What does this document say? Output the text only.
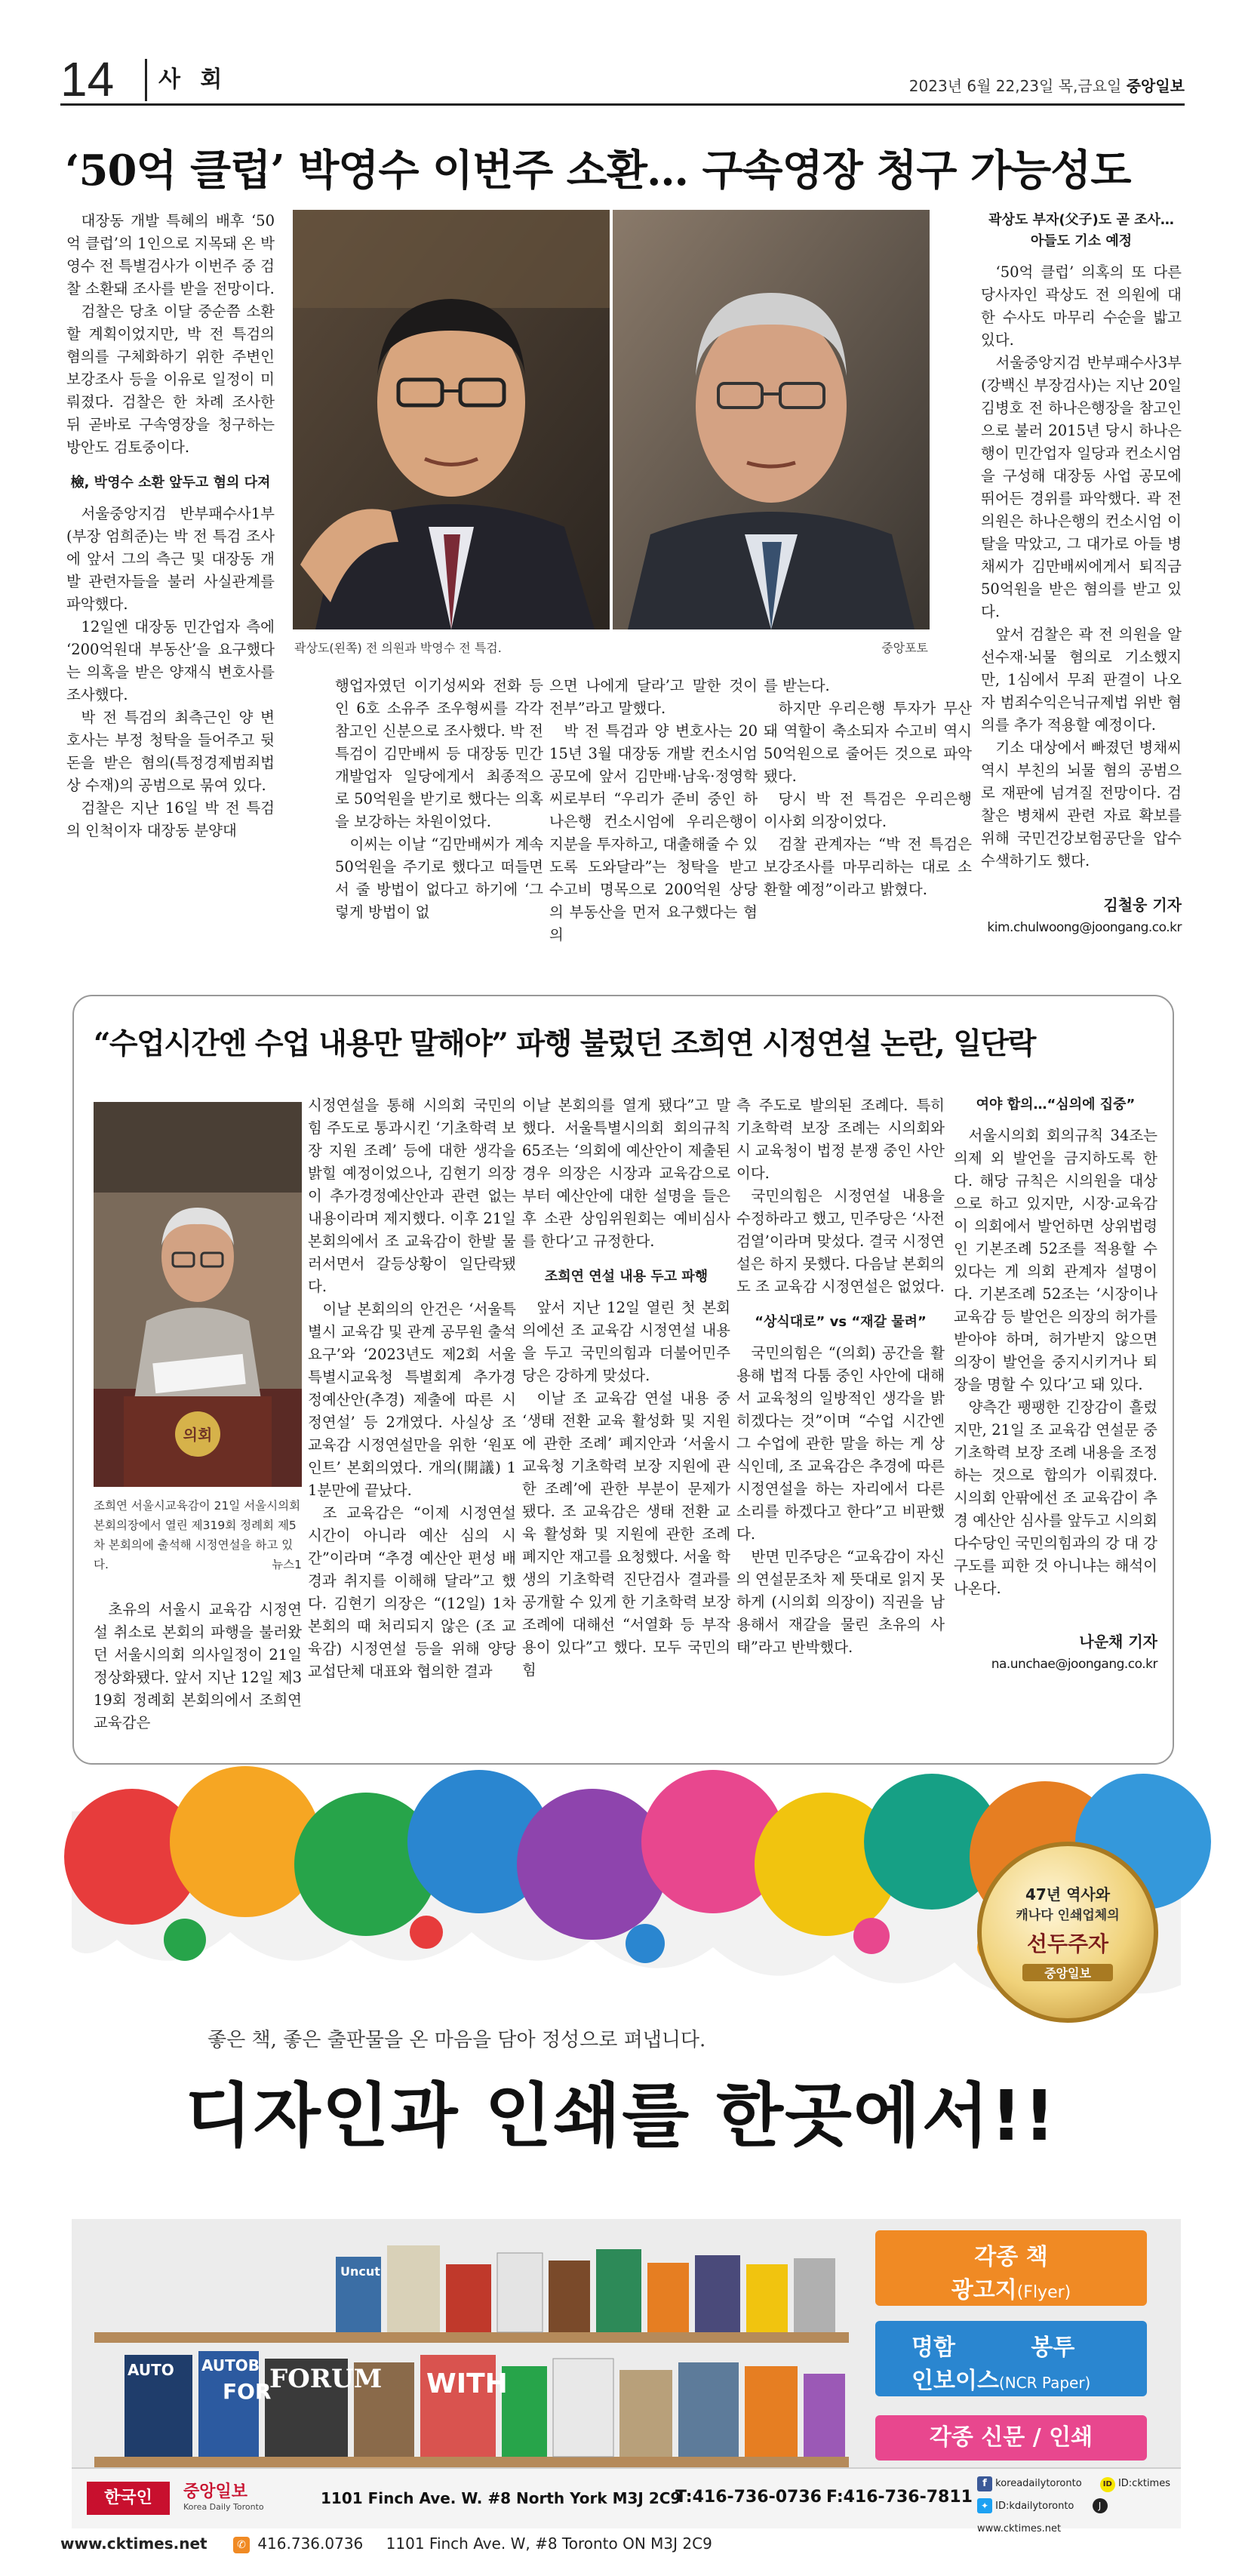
14 사 회	2023년 6월 22,23일 목,금요일 중앙일보
‘50억 클럽’ 박영수 이번주 소환… 구속영장 청구 가능성도

대장동 개발 특혜의 배후 ‘50억 클럽’의 1인으로 지목돼 온 박영수 전 특별검사가 이번주 중 검찰 소환돼 조사를 받을 전망이다.

검찰은 당초 이달 중순쯤 소환할 계획이었지만, 박 전 특검의 혐의를 구체화하기 위한 주변인 보강조사 등을 이유로 일정이 미뤄졌다. 검찰은 한 차례 조사한 뒤 곧바로 구속영장을 청구하는 방안도 검토중이다.

檢, 박영수 소환 앞두고 혐의 다져

서울중앙지검 반부패수사1부(부장 엄희준)는 박 전 특검 조사에 앞서 그의 측근 및 대장동 개발 관련자들을 불러 사실관계를 파악했다.

12일엔 대장동 민간업자 측에 ‘200억원대 부동산’을 요구했다는 의혹을 받은 양재식 변호사를 조사했다.

박 전 특검의 최측근인 양 변호사는 부정 청탁을 들어주고 뒷돈을 받은 혐의(특정경제범죄법상 수재)의 공범으로 묶여 있다.

검찰은 지난 16일 박 전 특검의 인척이자 대장동 분양대

곽상도(왼쪽) 전 의원과 박영수 전 특검.	중앙포토

행업자였던 이기성씨와 전화 등인 6호 소유주 조우형씨를 각각 참고인 신분으로 조사했다. 박 전 특검이 김만배씨 등 대장동 민간개발업자 일당에게서 최종적으로 50억원을 받기로 했다는 의혹을 보강하는 차원이었다.

이씨는 이날 “김만배씨가 계속 50억원을 주기로 했다고 떠들면서 줄 방법이 없다고 하기에 ‘그렇게 방법이 없

으면 나에게 달라’고 말한 것이 전부”라고 말했다.

박 전 특검과 양 변호사는 2015년 3월 대장동 개발 컨소시엄 공모에 앞서 김만배·남욱·정영학씨로부터 “우리가 준비 중인 하나은행 컨소시엄에 우리은행이 지분을 투자하고, 대출해줄 수 있도록 도와달라”는 청탁을 받고 수고비 명목으로 200억원 상당의 부동산을 먼저 요구했다는 혐의

를 받는다.

하지만 우리은행 투자가 무산돼 역할이 축소되자 수고비 역시 50억원으로 줄어든 것으로 파악됐다.

당시 박 전 특검은 우리은행 이사회 의장이었다.

검찰 관계자는 “박 전 특검은 보강조사를 마무리하는 대로 소환할 예정”이라고 밝혔다.

곽상도 부자(父子)도 곧 조사… 아들도 기소 예정

‘50억 클럽’ 의혹의 또 다른 당사자인 곽상도 전 의원에 대한 수사도 마무리 수순을 밟고 있다.

서울중앙지검 반부패수사3부(강백신 부장검사)는 지난 20일 김병호 전 하나은행장을 참고인으로 불러 2015년 당시 하나은행이 민간업자 일당과 컨소시엄을 구성해 대장동 사업 공모에 뛰어든 경위를 파악했다. 곽 전 의원은 하나은행의 컨소시엄 이탈을 막았고, 그 대가로 아들 병채씨가 김만배씨에게서 퇴직금 50억원을 받은 혐의를 받고 있다.

앞서 검찰은 곽 전 의원을 알선수재·뇌물 혐의로 기소했지만, 1심에서 무죄 판결이 나오자 범죄수익은닉규제법 위반 혐의를 추가 적용할 예정이다.

기소 대상에서 빠졌던 병채씨 역시 부친의 뇌물 혐의 공범으로 재판에 넘겨질 전망이다. 검찰은 병채씨 관련 자료 확보를 위해 국민건강보험공단을 압수수색하기도 했다.

김철웅 기자
kim.chulwoong@joongang.co.kr
“수업시간엔 수업 내용만 말해야” 파행 불렀던 조희연 시정연설 논란, 일단락
의회
조희연 서울시교육감이 21일 서울시의회 본회의장에서 열린 제319회 정례회 제5차 본회의에 출석해 시정연설을 하고 있다.	뉴스1

초유의 서울시 교육감 시정연설 취소로 본회의 파행을 불러왔던 서울시의회 의사일정이 21일 정상화됐다. 앞서 지난 12일 제319회 정례회 본회의에서 조희연 교육감은

시정연설을 통해 시의회 국민의힘 주도로 통과시킨 ‘기초학력 보장 지원 조례’ 등에 대한 생각을 밝힐 예정이었으나, 김현기 의장이 추가경정예산안과 관련 없는 내용이라며 제지했다. 이후 21일 본회의에서 조 교육감이 한발 물러서면서 갈등상황이 일단락됐다.

이날 본회의의 안건은 ‘서울특별시 교육감 및 관계 공무원 출석 요구’와 ‘2023년도 제2회 서울특별시교육청 특별회계 추가경정예산안(추경) 제출에 따른 시정연설’ 등 2개였다. 사실상 조 교육감 시정연설만을 위한 ‘원포인트’ 본회의였다. 개의(開議) 11분만에 끝났다.

조 교육감은 “이제 시정연설 시간이 아니라 예산 심의 시간”이라며 “추경 예산안 편성 배경과 취지를 이해해 달라”고 했다. 김현기 의장은 “(12일) 1차 본회의 때 처리되지 않은 (조 교육감) 시정연설 등을 위해 양당 교섭단체 대표와 협의한 결과

이날 본회의를 열게 됐다”고 말했다. 서울특별시의회 회의규칙 65조는 ‘의회에 예산안이 제출된 경우 의장은 시장과 교육감으로부터 예산안에 대한 설명을 들은 후 소관 상임위원회는 예비심사를 한다’고 규정한다.

조희연 연설 내용 두고 파행

앞서 지난 12일 열린 첫 본회의에선 조 교육감 시정연설 내용을 두고 국민의힘과 더불어민주당은 강하게 맞섰다.

이날 조 교육감 연설 내용 중 ‘생태 전환 교육 활성화 및 지원에 관한 조례’ 폐지안과 ‘서울시교육청 기초학력 보장 지원에 관한 조례’에 관한 부분이 문제가 됐다. 조 교육감은 생태 전환 교육 활성화 및 지원에 관한 조례 폐지안 재고를 요청했다. 서울 학생의 기초학력 진단검사 결과를 공개할 수 있게 한 기초학력 보장 조례에 대해선 “서열화 등 부작용이 있다”고 했다. 모두 국민의힘

측 주도로 발의된 조례다. 특히 기초학력 보장 조례는 시의회와 시 교육청이 법정 분쟁 중인 사안이다.

국민의힘은 시정연설 내용을 수정하라고 했고, 민주당은 ‘사전 검열’이라며 맞섰다. 결국 시정연설은 하지 못했다. 다음날 본회의도 조 교육감 시정연설은 없었다.

“상식대로” vs “재갈 물려”

국민의힘은 “(의회) 공간을 활용해 법적 다툼 중인 사안에 대해서 교육청의 일방적인 생각을 밝히겠다는 것”이며 “수업 시간엔 그 수업에 관한 말을 하는 게 상식인데, 조 교육감은 추경에 따른 시정연설을 하는 자리에서 다른 소리를 하겠다고 한다”고 비판했다.

반면 민주당은 “교육감이 자신의 연설문조차 제 뜻대로 읽지 못하게 (시의회 의장이) 직권을 남용해서 재갈을 물린 초유의 사태”라고 반박했다.

여야 합의…“심의에 집중”

서울시의회 회의규칙 34조는 의제 외 발언을 금지하도록 한다. 해당 규칙은 시의원을 대상으로 하고 있지만, 시장·교육감이 의회에서 발언하면 상위법령인 기본조례 52조를 적용할 수 있다는 게 의회 관계자 설명이다. 기본조례 52조는 ‘시장이나 교육감 등 발언은 의장의 허가를 받아야 하며, 허가받지 않으면 의장이 발언을 중지시키거나 퇴장을 명할 수 있다’고 돼 있다.

양측간 팽팽한 긴장감이 흘렀지만, 21일 조 교육감 연설문 중 기초학력 보장 조례 내용을 조정하는 것으로 합의가 이뤄졌다. 시의회 안팎에선 조 교육감이 추경 예산안 심사를 앞두고 시의회 다수당인 국민의힘과의 강 대 강 구도를 피한 것 아니냐는 해석이 나온다.

나운채 기자
na.unchae@joongang.co.kr
AUTO AUTOB
FOR
FORUM WITH
Uncut
47년 역사와
캐나다 인쇄업체의
선두주자
중앙일보
좋은 책, 좋은 출판물을 온 마음을 담아 정성으로 펴냅니다.
디자인과 인쇄를 한곳에서!!
각종 책
광고지(Flyer)
명함	봉투
인보이스(NCR Paper)
각종 신문 / 인쇄
한국인	중앙일보
Korea Daily Toronto	1101 Finch Ave. W. #8 North York M3J 2C9
T:416-736-0736 F:416-736-7811
f koreadailytoronto	ID ID:cktimes
✦ ID:kdailytoronto	J www.cktimes.net
www.cktimes.net	✆ 416.736.0736 1101 Finch Ave. W, #8 Toronto ON M3J 2C9
